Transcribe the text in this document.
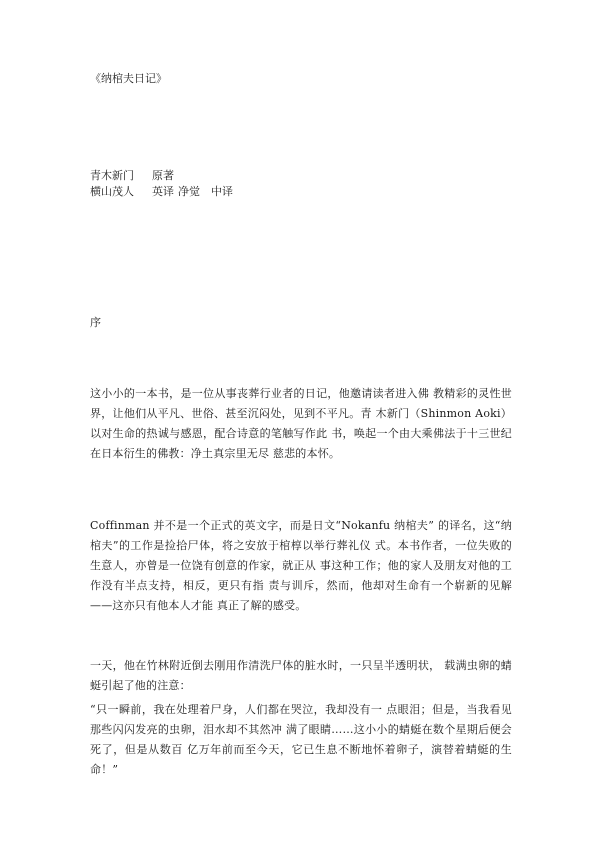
《纳棺夫日记》
青木新门 原著
横山茂人 英译 净觉　中译
序
这小小的一本书，是一位从事丧葬行业者的日记，他邀请读者进入佛 教精彩的灵性世界，让他们从平凡、世俗、甚至沉闷处，见到不平凡。青 木新门（Shinmon Aoki）以对生命的热诚与感恩，配合诗意的笔触写作此 书，唤起一个由大乘佛法于十三世纪在日本衍生的佛教：净土真宗里无尽 慈悲的本怀。
Coffinman 并不是一个正式的英文字，而是日文“Nokanfu 纳棺夫” 的译名，这“纳棺夫”的工作是捡拾尸体，将之安放于棺椁以举行葬礼仪 式。本书作者，一位失败的生意人，亦曾是一位饶有创意的作家，就正从 事这种工作；他的家人及朋友对他的工作没有半点支持，相反，更只有指 责与训斥，然而，他却对生命有一个崭新的见解——这亦只有他本人才能 真正了解的感受。
一天，他在竹林附近倒去刚用作清洗尸体的脏水时，一只呈半透明状， 载满虫卵的蜻蜓引起了他的注意：
“只一瞬前，我在处理着尸身，人们都在哭泣，我却没有一 点眼泪；但是，当我看见那些闪闪发亮的虫卵，泪水却不其然冲 满了眼睛……这小小的蜻蜓在数个星期后便会死了，但是从数百 亿万年前而至今天，它已生息不断地怀着卵子，演替着蜻蜓的生 命！”
